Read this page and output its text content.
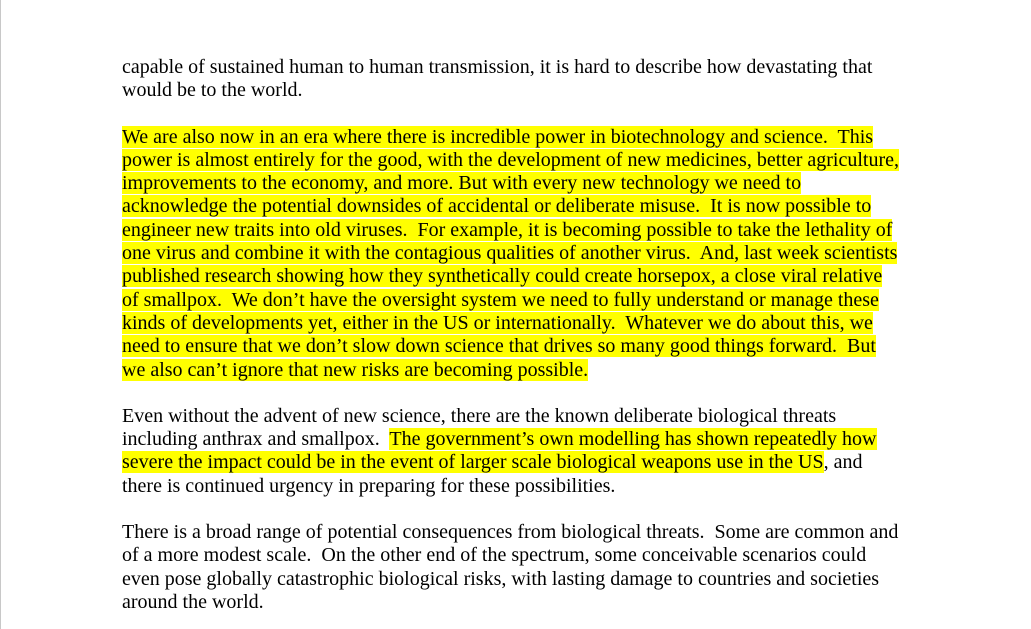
capable of sustained human to human transmission, it is hard to describe how devastating that
would be to the world.

We are also now in an era where there is incredible power in biotechnology and science.  This
power is almost entirely for the good, with the development of new medicines, better agriculture,
improvements to the economy, and more. But with every new technology we need to
acknowledge the potential downsides of accidental or deliberate misuse.  It is now possible to
engineer new traits into old viruses.  For example, it is becoming possible to take the lethality of
one virus and combine it with the contagious qualities of another virus.  And, last week scientists
published research showing how they synthetically could create horsepox, a close viral relative
of smallpox.  We don’t have the oversight system we need to fully understand or manage these
kinds of developments yet, either in the US or internationally.  Whatever we do about this, we
need to ensure that we don’t slow down science that drives so many good things forward.  But
we also can’t ignore that new risks are becoming possible.

Even without the advent of new science, there are the known deliberate biological threats
including anthrax and smallpox.  The government’s own modelling has shown repeatedly how
severe the impact could be in the event of larger scale biological weapons use in the US, and
there is continued urgency in preparing for these possibilities.

There is a broad range of potential consequences from biological threats.  Some are common and
of a more modest scale.  On the other end of the spectrum, some conceivable scenarios could
even pose globally catastrophic biological risks, with lasting damage to countries and societies
around the world.
